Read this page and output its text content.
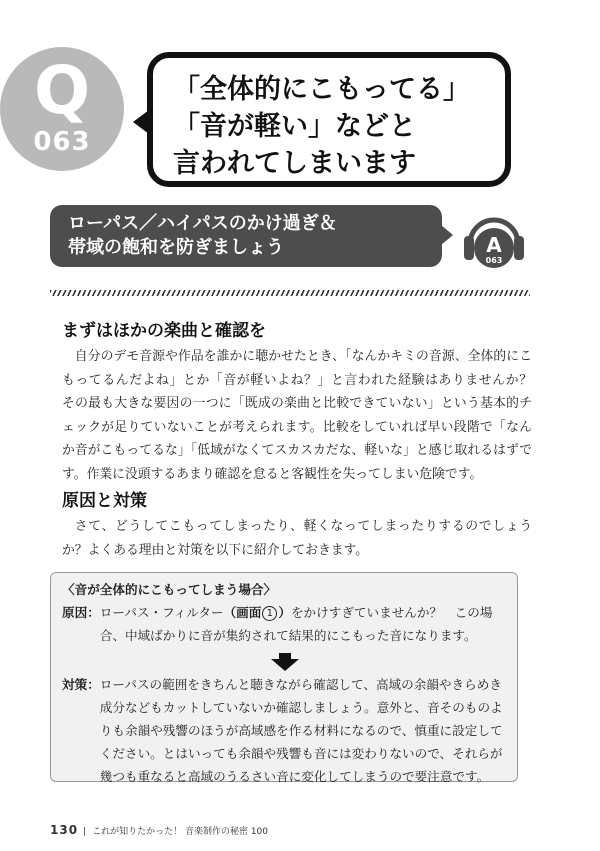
Q
063
「全体的にこもってる」
「音が軽い」などと
言われてしまいます
ローパス／ハイパスのかけ過ぎ＆
帯域の飽和を防ぎましょう	A
063
まずはほかの楽曲と確認を
自分のデモ音源や作品を誰かに聴かせたとき、「なんかキミの音源、全体的にこもってるんだよね」とか「音が軽いよね？」と言われた経験はありませんか？　その最も大きな要因の一つに「既成の楽曲と比較できていない」という基本的チェックが足りていないことが考えられます。比較をしていれば早い段階で「なんか音がこもってるな」「低域がなくてスカスカだな、軽いな」と感じ取れるはずです。作業に没頭するあまり確認を怠ると客観性を失ってしまい危険です。
原因と対策
さて、どうしてこもってしまったり、軽くなってしまったりするのでしょうか？よくある理由と対策を以下に紹介しておきます。
〈音が全体的にこもってしまう場合〉
原因： ローパス・フィルター（画面 1 ）をかけすぎていませんか？　この場合、中域ばかりに音が集約されて結果的にこもった音になります。
対策： ローパスの範囲をきちんと聴きながら確認して、高域の余韻やきらめき成分などもカットしていないか確認しましょう。意外と、音そのものよりも余韻や残響のほうが高域感を作る材料になるので、慎重に設定してください。とはいっても余韻や残響も音には変わりないので、それらが幾つも重なると高域のうるさい音に変化してしまうので要注意です。
130 | これが知りたかった！ 音楽制作の秘密 100
